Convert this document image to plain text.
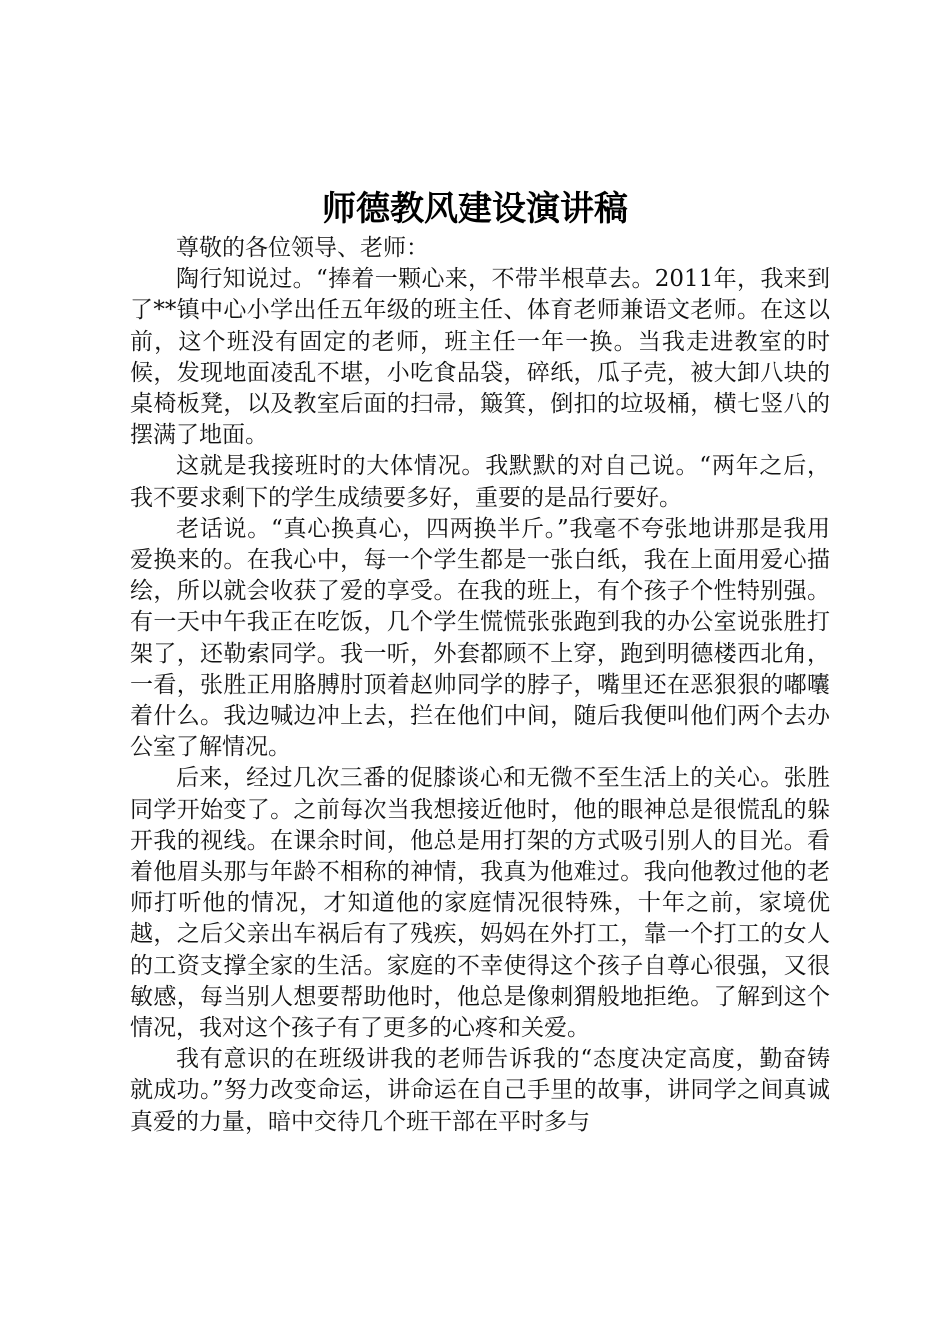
师德教风建设演讲稿

尊敬的各位领导、老师：

陶行知说过。“捧着一颗心来，不带半根草去。2011年，我来到了**镇中心小学出任五年级的班主任、体育老师兼语文老师。在这以前，这个班没有固定的老师，班主任一年一换。当我走进教室的时候，发现地面凌乱不堪，小吃食品袋，碎纸，瓜子壳，被大卸八块的桌椅板凳，以及教室后面的扫帚，簸箕，倒扣的垃圾桶，横七竖八的摆满了地面。

这就是我接班时的大体情况。我默默的对自己说。“两年之后，我不要求剩下的学生成绩要多好，重要的是品行要好。

老话说。“真心换真心，四两换半斤。”我毫不夸张地讲那是我用爱换来的。在我心中，每一个学生都是一张白纸，我在上面用爱心描绘，所以就会收获了爱的享受。在我的班上，有个孩子个性特别强。有一天中午我正在吃饭，几个学生慌慌张张跑到我的办公室说张胜打架了，还勒索同学。我一听，外套都顾不上穿，跑到明德楼西北角，一看，张胜正用胳膊肘顶着赵帅同学的脖子，嘴里还在恶狠狠的嘟囔着什么。我边喊边冲上去，拦在他们中间，随后我便叫他们两个去办公室了解情况。

后来，经过几次三番的促膝谈心和无微不至生活上的关心。张胜同学开始变了。之前每次当我想接近他时，他的眼神总是很慌乱的躲开我的视线。在课余时间，他总是用打架的方式吸引别人的目光。看着他眉头那与年龄不相称的神情，我真为他难过。我向他教过他的老师打听他的情况，才知道他的家庭情况很特殊，十年之前，家境优越，之后父亲出车祸后有了残疾，妈妈在外打工，靠一个打工的女人的工资支撑全家的生活。家庭的不幸使得这个孩子自尊心很强，又很敏感，每当别人想要帮助他时，他总是像刺猬般地拒绝。了解到这个情况，我对这个孩子有了更多的心疼和关爱。

我有意识的在班级讲我的老师告诉我的“态度决定高度，勤奋铸就成功。”努力改变命运，讲命运在自己手里的故事，讲同学之间真诚真爱的力量，暗中交待几个班干部在平时多与
